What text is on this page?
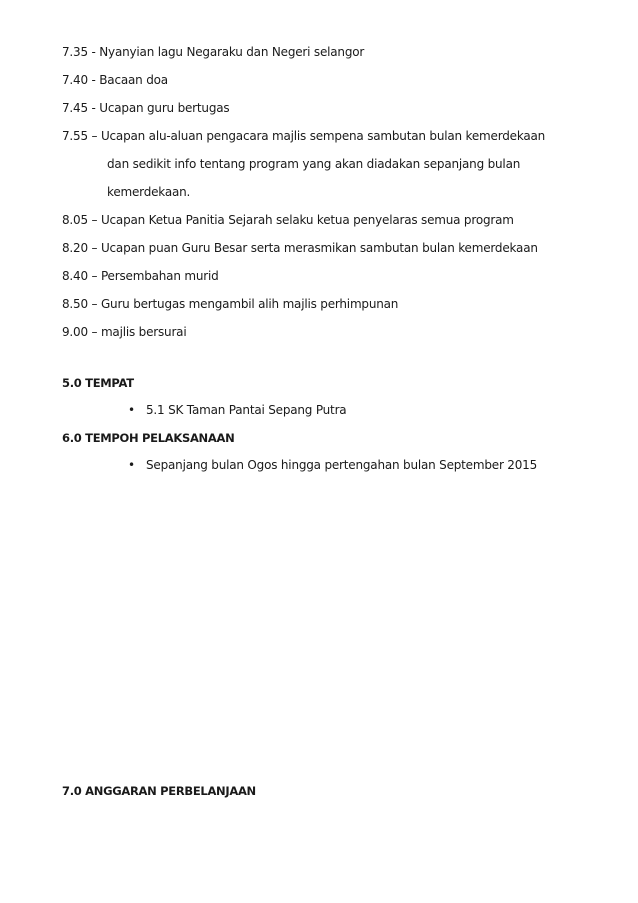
7.35 - Nyanyian lagu Negaraku dan Negeri selangor
7.40 - Bacaan doa
7.45 - Ucapan guru bertugas
7.55 – Ucapan alu-aluan pengacara majlis sempena sambutan bulan kemerdekaan
dan sedikit info tentang program yang akan diadakan sepanjang bulan
kemerdekaan.
8.05 – Ucapan Ketua Panitia Sejarah selaku ketua penyelaras semua program
8.20 – Ucapan puan Guru Besar serta merasmikan sambutan bulan kemerdekaan
8.40 – Persembahan murid
8.50 – Guru bertugas mengambil alih majlis perhimpunan
9.00 – majlis bersurai
5.0 TEMPAT
• 5.1 SK Taman Pantai Sepang Putra
6.0 TEMPOH PELAKSANAAN
• Sepanjang bulan Ogos hingga pertengahan bulan September 2015
7.0 ANGGARAN PERBELANJAAN
